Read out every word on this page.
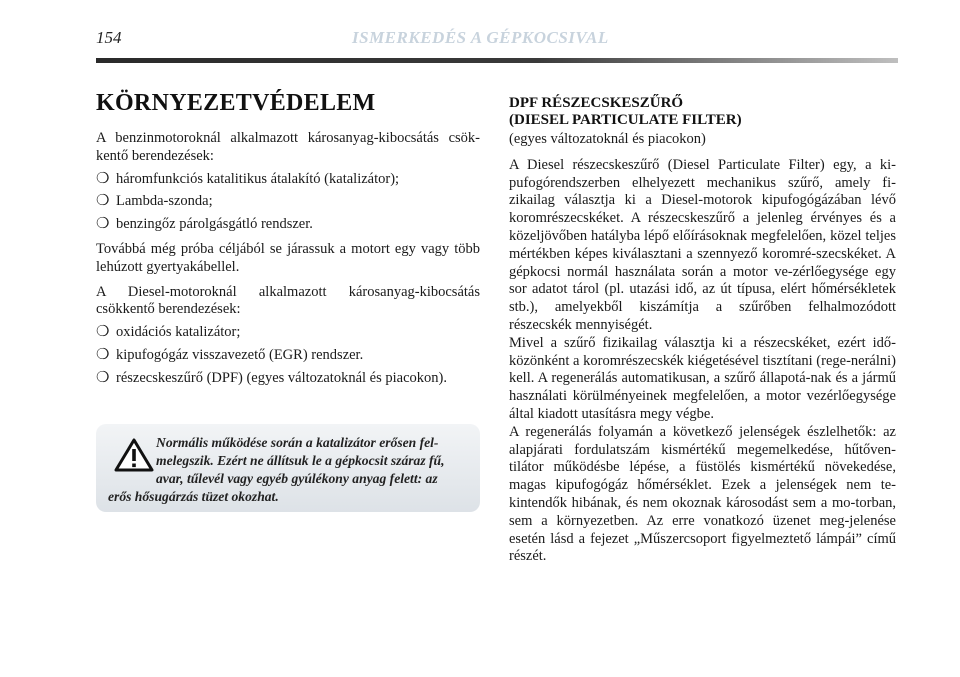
154	ISMERKEDÉS A GÉPKOCSIVAL
KÖRNYEZETVÉDELEM

A benzinmotoroknál alkalmazott károsanyag-kibocsátás csök-kentő berendezések:

❍ háromfunkciós katalitikus átalakító (katalizátor);
❍ Lambda-szonda;
❍ benzingőz párolgásgátló rendszer.

Továbbá még próba céljából se járassuk a motort egy vagy több lehúzott gyertyakábellel.

A Diesel-motoroknál alkalmazott károsanyag-kibocsátás csökkentő berendezések:

❍ oxidációs katalizátor;
❍ kipufogógáz visszavezető (EGR) rendszer.
❍ részecskeszűrő (DPF) (egyes változatoknál és piacokon).
Normális működése során a katalizátor erősen fel-
melegszik. Ezért ne állítsuk le a gépkocsit száraz fű,
avar, tűlevél vagy egyéb gyúlékony anyag felett: az
erős hősugárzás tüzet okozhat.
DPF RÉSZECSKESZŰRŐ
(DIESEL PARTICULATE FILTER)

(egyes változatoknál és piacokon)

A Diesel részecskeszűrő (Diesel Particulate Filter) egy, a ki-pufogórendszerben elhelyezett mechanikus szűrő, amely fi-zikailag választja ki a Diesel-motorok kipufogógázában lévő koromrészecskéket. A részecskeszűrő a jelenleg érvényes és a közeljövőben hatályba lépő előírásoknak megfelelően, közel teljes mértékben képes kiválasztani a szennyező koromré-szecskéket. A gépkocsi normál használata során a motor ve-zérlőegysége egy sor adatot tárol (pl. utazási idő, az út típusa, elért hőmérsékletek stb.), amelyekből kiszámítja a szűrőben felhalmozódott részecskék mennyiségét.

Mivel a szűrő fizikailag választja ki a részecskéket, ezért idő-közönként a koromrészecskék kiégetésével tisztítani (rege-nerálni) kell. A regenerálás automatikusan, a szűrő állapotá-nak és a jármű használati körülményeinek megfelelően, a motor vezérlőegysége által kiadott utasításra megy végbe.

A regenerálás folyamán a következő jelenségek észlelhetők: az alapjárati fordulatszám kismértékű megemelkedése, hűtőven-tilátor működésbe lépése, a füstölés kismértékű növekedése, magas kipufogógáz hőmérséklet. Ezek a jelenségek nem te-kintendők hibának, és nem okoznak károsodást sem a mo-torban, sem a környezetben. Az erre vonatkozó üzenet meg-jelenése esetén lásd a fejezet „Műszercsoport figyelmeztető lámpái” című részét.
